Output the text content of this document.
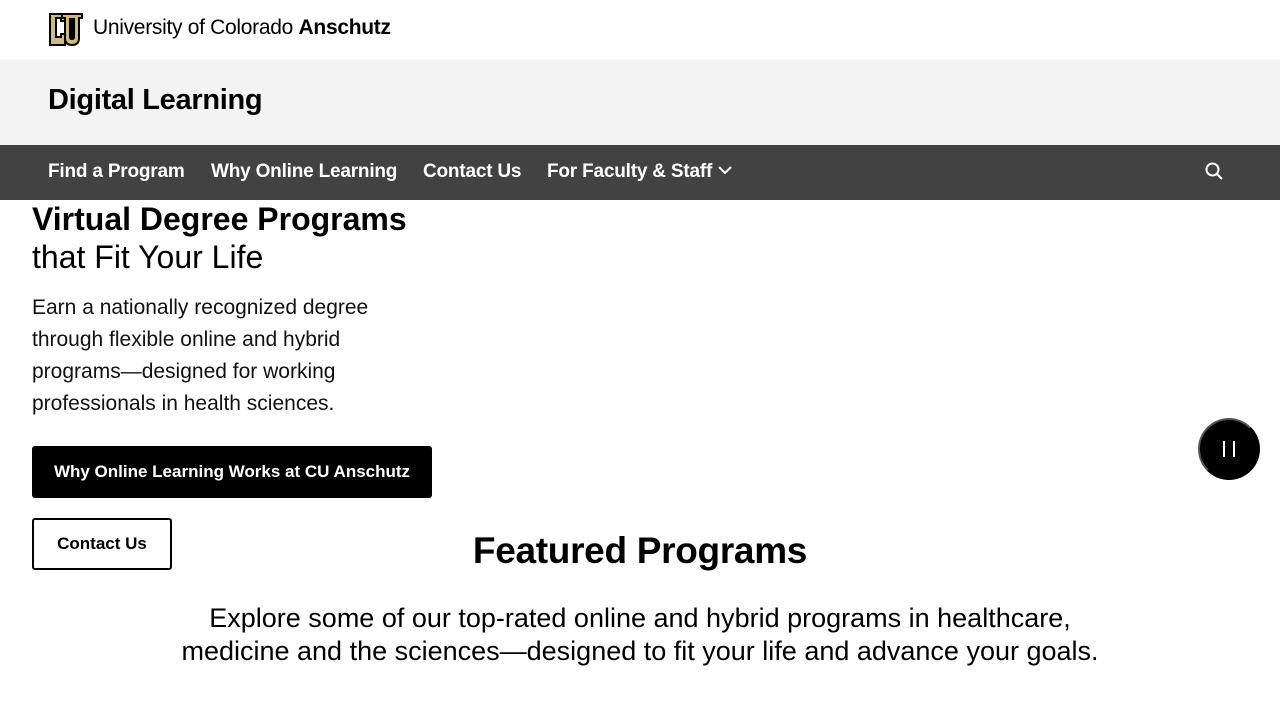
University of Colorado Anschutz
Digital Learning
Find a Program Why Online Learning Contact Us For Faculty & Staff
Virtual Degree Programs
that Fit Your Life

Earn a nationally recognized degree through flexible online and hybrid programs—designed for working professionals in health sciences.

Why Online Learning Works at CU Anschutz
Contact Us	Featured Programs

Explore some of our top-rated online and hybrid programs in healthcare, medicine and the sciences—designed to fit your life and advance your goals.
